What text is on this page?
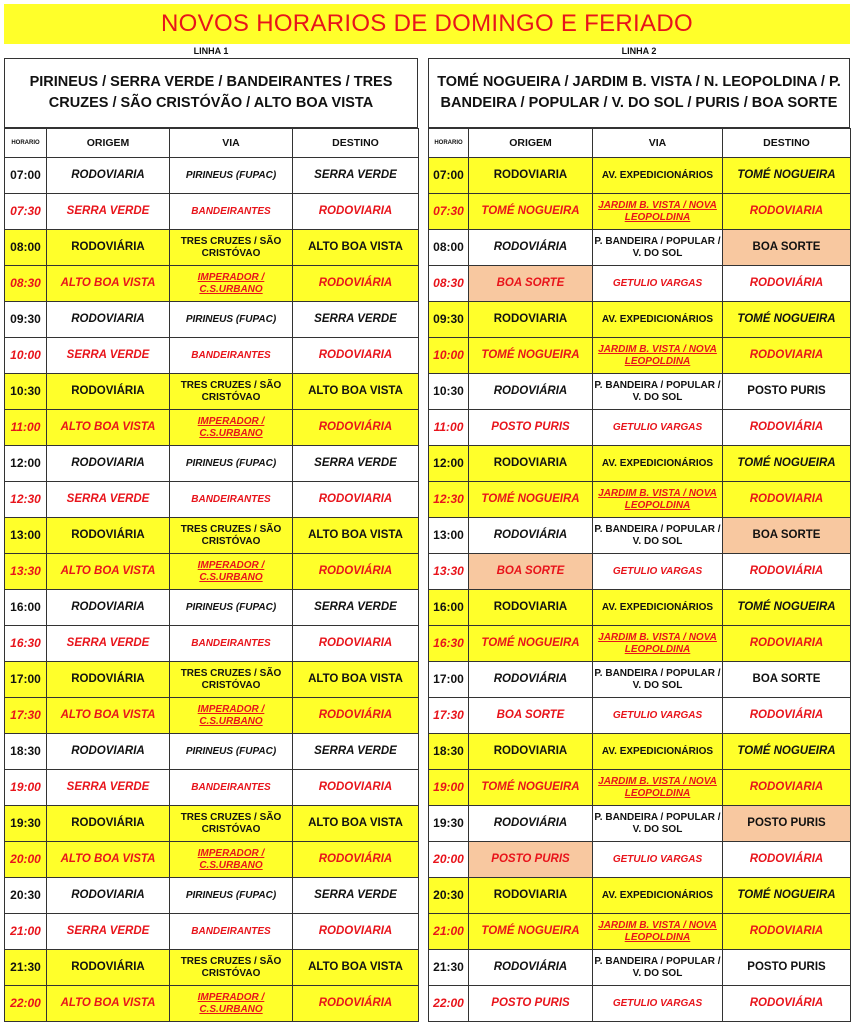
NOVOS HORARIOS DE DOMINGO E FERIADO
LINHA 1	LINHA 2
PIRINEUS / SERRA VERDE / BANDEIRANTES / TRES CRUZES / SÃO CRISTÓVÃO / ALTO BOA VISTA
HORARIO	ORIGEM	VIA	DESTINO
07:00	RODOVIARIA	PIRINEUS (FUPAC)	SERRA VERDE
07:30	SERRA VERDE	BANDEIRANTES	RODOVIARIA
08:00	RODOVIÁRIA	TRES CRUZES / SÃO CRISTÓVAO	ALTO BOA VISTA
08:30	ALTO BOA VISTA	IMPERADOR / C.S.URBANO	RODOVIÁRIA
09:30	RODOVIARIA	PIRINEUS (FUPAC)	SERRA VERDE
10:00	SERRA VERDE	BANDEIRANTES	RODOVIARIA
10:30	RODOVIÁRIA	TRES CRUZES / SÃO CRISTÓVAO	ALTO BOA VISTA
11:00	ALTO BOA VISTA	IMPERADOR / C.S.URBANO	RODOVIÁRIA
12:00	RODOVIARIA	PIRINEUS (FUPAC)	SERRA VERDE
12:30	SERRA VERDE	BANDEIRANTES	RODOVIARIA
13:00	RODOVIÁRIA	TRES CRUZES / SÃO CRISTÓVAO	ALTO BOA VISTA
13:30	ALTO BOA VISTA	IMPERADOR / C.S.URBANO	RODOVIÁRIA
16:00	RODOVIARIA	PIRINEUS (FUPAC)	SERRA VERDE
16:30	SERRA VERDE	BANDEIRANTES	RODOVIARIA
17:00	RODOVIÁRIA	TRES CRUZES / SÃO CRISTÓVAO	ALTO BOA VISTA
17:30	ALTO BOA VISTA	IMPERADOR / C.S.URBANO	RODOVIÁRIA
18:30	RODOVIARIA	PIRINEUS (FUPAC)	SERRA VERDE
19:00	SERRA VERDE	BANDEIRANTES	RODOVIARIA
19:30	RODOVIÁRIA	TRES CRUZES / SÃO CRISTÓVAO	ALTO BOA VISTA
20:00	ALTO BOA VISTA	IMPERADOR / C.S.URBANO	RODOVIÁRIA
20:30	RODOVIARIA	PIRINEUS (FUPAC)	SERRA VERDE
21:00	SERRA VERDE	BANDEIRANTES	RODOVIARIA
21:30	RODOVIÁRIA	TRES CRUZES / SÃO CRISTÓVAO	ALTO BOA VISTA
22:00	ALTO BOA VISTA	IMPERADOR / C.S.URBANO	RODOVIÁRIA
TOMÉ NOGUEIRA / JARDIM B. VISTA / N. LEOPOLDINA / P. BANDEIRA / POPULAR / V. DO SOL / PURIS / BOA SORTE
HORARIO	ORIGEM	VIA	DESTINO
07:00	RODOVIARIA	AV. EXPEDICIONÁRIOS	TOMÉ NOGUEIRA
07:30	TOMÉ NOGUEIRA	JARDIM B. VISTA / NOVA LEOPOLDINA	RODOVIARIA
08:00	RODOVIÁRIA	P. BANDEIRA / POPULAR / V. DO SOL	BOA SORTE
08:30	BOA SORTE	GETULIO VARGAS	RODOVIÁRIA
09:30	RODOVIARIA	AV. EXPEDICIONÁRIOS	TOMÉ NOGUEIRA
10:00	TOMÉ NOGUEIRA	JARDIM B. VISTA / NOVA LEOPOLDINA	RODOVIARIA
10:30	RODOVIÁRIA	P. BANDEIRA / POPULAR / V. DO SOL	POSTO PURIS
11:00	POSTO PURIS	GETULIO VARGAS	RODOVIÁRIA
12:00	RODOVIARIA	AV. EXPEDICIONÁRIOS	TOMÉ NOGUEIRA
12:30	TOMÉ NOGUEIRA	JARDIM B. VISTA / NOVA LEOPOLDINA	RODOVIARIA
13:00	RODOVIÁRIA	P. BANDEIRA / POPULAR / V. DO SOL	BOA SORTE
13:30	BOA SORTE	GETULIO VARGAS	RODOVIÁRIA
16:00	RODOVIARIA	AV. EXPEDICIONÁRIOS	TOMÉ NOGUEIRA
16:30	TOMÉ NOGUEIRA	JARDIM B. VISTA / NOVA LEOPOLDINA	RODOVIARIA
17:00	RODOVIÁRIA	P. BANDEIRA / POPULAR / V. DO SOL	BOA SORTE
17:30	BOA SORTE	GETULIO VARGAS	RODOVIÁRIA
18:30	RODOVIARIA	AV. EXPEDICIONÁRIOS	TOMÉ NOGUEIRA
19:00	TOMÉ NOGUEIRA	JARDIM B. VISTA / NOVA LEOPOLDINA	RODOVIARIA
19:30	RODOVIÁRIA	P. BANDEIRA / POPULAR / V. DO SOL	POSTO PURIS
20:00	POSTO PURIS	GETULIO VARGAS	RODOVIÁRIA
20:30	RODOVIARIA	AV. EXPEDICIONÁRIOS	TOMÉ NOGUEIRA
21:00	TOMÉ NOGUEIRA	JARDIM B. VISTA / NOVA LEOPOLDINA	RODOVIARIA
21:30	RODOVIÁRIA	P. BANDEIRA / POPULAR / V. DO SOL	POSTO PURIS
22:00	POSTO PURIS	GETULIO VARGAS	RODOVIÁRIA
